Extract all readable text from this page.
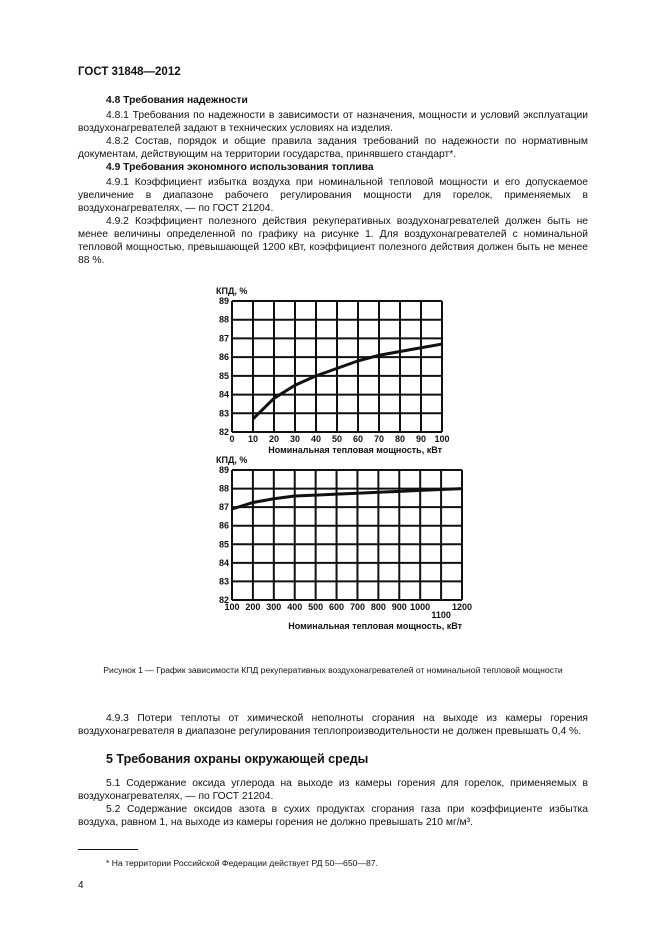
ГОСТ 31848—2012

4.8 Требования надежности

4.8.1 Требования по надежности в зависимости от назначения, мощности и условий эксплуатации воздухонагревателей задают в технических условиях на изделия.

4.8.2 Состав, порядок и общие правила задания требований по надежности по нормативным документам, действующим на территории государства, принявшего стандарт*.

4.9 Требования экономного использования топлива

4.9.1 Коэффициент избытка воздуха при номинальной тепловой мощности и его допускаемое увеличение в диапазоне рабочего регулирования мощности для горелок, применяемых в воздухонагревателях, — по ГОСТ 21204.

4.9.2 Коэффициент полезного действия рекуперативных воздухонагревателей должен быть не менее величины определенной по графику на рисунке 1. Для воздухонагревателей с номинальной тепловой мощностью, превышающей 1200 кВт, коэффициент полезного действия должен быть не менее 88 %.

0 10 20 30 40 50 60 70 80 90 100
82
83
84
85
86
87
88
89
КПД, %
Номинальная тепловая мощность, кВт
100 200 300 400 500 600 700 800 900 1000
1100
1200
82
83
84
85
86
87
88
89
КПД, %
Номинальная тепловая мощность, кВт
Рисунок 1 — График зависимости КПД рекуперативных воздухонагревателей от номинальной тепловой мощности

4.9.3 Потери теплоты от химической неполноты сгорания на выходе из камеры горения воздухонагревателя в диапазоне регулирования теплопроизводительности не должен превышать 0,4 %.

5 Требования охраны окружающей среды

5.1 Содержание оксида углерода на выходе из камеры горения для горелок, применяемых в воздухонагревателях, — по ГОСТ 21204.

5.2 Содержание оксидов азота в сухих продуктах сгорания газа при коэффициенте избытка воздуха, равном 1, на выходе из камеры горения не должно превышать 210 мг/м³.

* На территории Российской Федерации действует РД 50—650—87.
4
